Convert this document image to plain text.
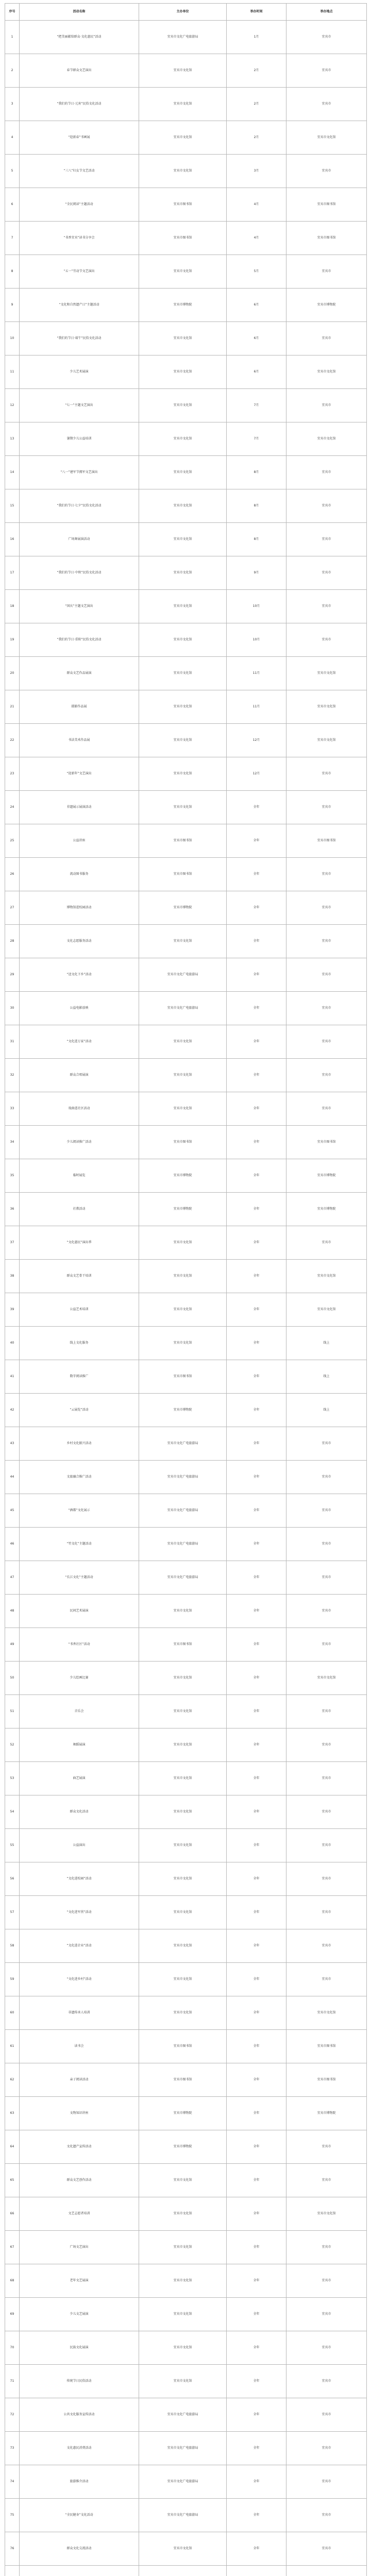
序号	活动名称	主办单位	举办时间	举办地点
1	“把美丽献给群众·文化惠民”活动	宜宾市文化广电旅游局	1月	宜宾市
2	春节群众文艺演出	宜宾市文化馆	2月	宜宾市
3	“我们的节日·元宵”民俗文化活动	宜宾市文化馆	2月	宜宾市
4	“迎新春”书画展	宜宾市文化馆	2月	宜宾市文化馆
5	“三八”妇女节文艺活动	宜宾市文化馆	3月	宜宾市
6	“全民阅读”主题活动	宜宾市图书馆	4月	宜宾市图书馆
7	“书香宜宾”读书分享会	宜宾市图书馆	4月	宜宾市图书馆
8	“五一”劳动节文艺演出	宜宾市文化馆	5月	宜宾市
9	“文化和自然遗产日”主题活动	宜宾市博物院	6月	宜宾市博物院
10	“我们的节日·端午”民俗文化活动	宜宾市文化馆	6月	宜宾市
11	少儿艺术展演	宜宾市文化馆	6月	宜宾市文化馆
12	“七一”主题文艺演出	宜宾市文化馆	7月	宜宾市
13	暑期少儿公益培训	宜宾市文化馆	7月	宜宾市文化馆
14	“八一”建军节拥军文艺演出	宜宾市文化馆	8月	宜宾市
15	“我们的节日·七夕”民俗文化活动	宜宾市文化馆	8月	宜宾市
16	广场舞展演活动	宜宾市文化馆	8月	宜宾市
17	“我们的节日·中秋”民俗文化活动	宜宾市文化馆	9月	宜宾市
18	“国庆”主题文艺演出	宜宾市文化馆	10月	宜宾市
19	“我们的节日·重阳”民俗文化活动	宜宾市文化馆	10月	宜宾市
20	群众文艺作品展演	宜宾市文化馆	11月	宜宾市文化馆
21	摄影作品展	宜宾市文化馆	11月	宜宾市文化馆
22	书法美术作品展	宜宾市文化馆	12月	宜宾市文化馆
23	“迎新年”文艺演出	宜宾市文化馆	12月	宜宾市
24	非遗展示展演活动	宜宾市文化馆	全年	宜宾市
25	公益讲座	宜宾市图书馆	全年	宜宾市图书馆
26	流动图书服务	宜宾市图书馆	全年	宜宾市
27	博物馆进校园活动	宜宾市博物院	全年	宜宾市
28	文化志愿服务活动	宜宾市文化馆	全年	宜宾市
29	“送文化下乡”活动	宜宾市文化广电旅游局	全年	宜宾市
30	公益电影放映	宜宾市文化广电旅游局	全年	宜宾市
31	“文化进万家”活动	宜宾市文化馆	全年	宜宾市
32	群众合唱展演	宜宾市文化馆	全年	宜宾市
33	戏曲进社区活动	宜宾市文化馆	全年	宜宾市
34	少儿阅读推广活动	宜宾市图书馆	全年	宜宾市图书馆
35	临时展览	宜宾市博物院	全年	宜宾市博物院
36	社教活动	宜宾市博物院	全年	宜宾市博物院
37	“文化惠民”演出季	宜宾市文化馆	全年	宜宾市
38	群众文艺骨干培训	宜宾市文化馆	全年	宜宾市文化馆
39	公益艺术培训	宜宾市文化馆	全年	宜宾市文化馆
40	线上文化服务	宜宾市文化馆	全年	线上
41	数字阅读推广	宜宾市图书馆	全年	线上
42	“云展览”活动	宜宾市博物院	全年	线上
43	乡村文化振兴活动	宜宾市文化广电旅游局	全年	宜宾市
44	文旅融合推广活动	宜宾市文化广电旅游局	全年	宜宾市
45	“酒都”文化展示	宜宾市文化广电旅游局	全年	宜宾市
46	“竹文化”主题活动	宜宾市文化广电旅游局	全年	宜宾市
47	“长江文化”主题活动	宜宾市文化广电旅游局	全年	宜宾市
48	民间艺术展演	宜宾市文化馆	全年	宜宾市
49	“书香社区”活动	宜宾市图书馆	全年	宜宾市
50	少儿绘画比赛	宜宾市文化馆	全年	宜宾市文化馆
51	音乐会	宜宾市文化馆	全年	宜宾市
52	舞蹈展演	宜宾市文化馆	全年	宜宾市
53	曲艺展演	宜宾市文化馆	全年	宜宾市
54	群众文化活动	宜宾市文化馆	全年	宜宾市
55	公益演出	宜宾市文化馆	全年	宜宾市
56	“文化进校园”活动	宜宾市文化馆	全年	宜宾市
57	“文化进军营”活动	宜宾市文化馆	全年	宜宾市
58	“文化进企业”活动	宜宾市文化馆	全年	宜宾市
59	“文化进乡村”活动	宜宾市文化馆	全年	宜宾市
60	非遗传承人培训	宜宾市文化馆	全年	宜宾市文化馆
61	读书会	宜宾市图书馆	全年	宜宾市图书馆
62	亲子阅读活动	宜宾市图书馆	全年	宜宾市图书馆
63	文物知识讲座	宜宾市博物院	全年	宜宾市博物院
64	文化遗产宣传活动	宜宾市博物院	全年	宜宾市
65	群众文艺创作活动	宜宾市文化馆	全年	宜宾市
66	文艺志愿者培训	宜宾市文化馆	全年	宜宾市文化馆
67	广场文艺演出	宜宾市文化馆	全年	宜宾市
68	老年文艺展演	宜宾市文化馆	全年	宜宾市
69	少儿文艺展演	宜宾市文化馆	全年	宜宾市
70	民族文化展演	宜宾市文化馆	全年	宜宾市
71	传统节日民俗活动	宜宾市文化馆	全年	宜宾市
72	公共文化服务宣传活动	宜宾市文化广电旅游局	全年	宜宾市
73	文化惠民消费活动	宜宾市文化广电旅游局	全年	宜宾市
74	旅游推介活动	宜宾市文化广电旅游局	全年	宜宾市
75	“全民健身”文化活动	宜宾市文化广电旅游局	全年	宜宾市
76	群众文化交流活动	宜宾市文化馆	全年	宜宾市
